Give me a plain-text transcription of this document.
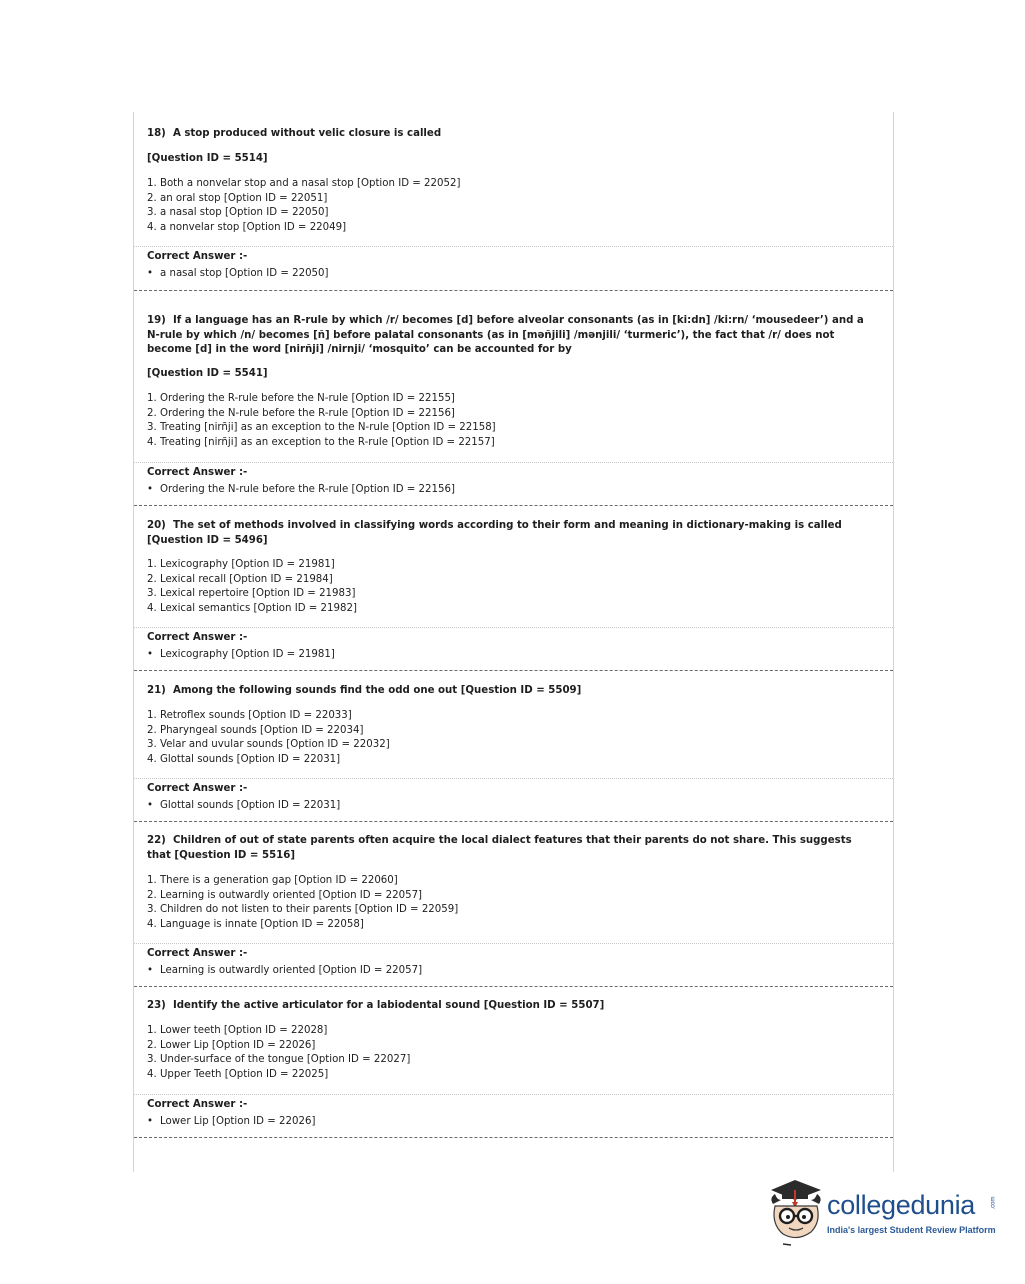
18) A stop produced without velic closure is called
[Question ID = 5514]
1. Both a nonvelar stop and a nasal stop [Option ID = 22052]
2. an oral stop [Option ID = 22051]
3. a nasal stop [Option ID = 22050]
4. a nonvelar stop [Option ID = 22049]
Correct Answer :-
• a nasal stop [Option ID = 22050]
19) If a language has an R-rule by which /r/ becomes [d] before alveolar consonants (as in [ki:dn] /ki:rn/ ‘mousedeer’) and a N-rule by which /n/ becomes [ñ] before palatal consonants (as in [məñjili] /mənjili/ ‘turmeric’), the fact that /r/ does not become [d] in the word [nirñji] /nirnji/ ‘mosquito’ can be accounted for by
[Question ID = 5541]
1. Ordering the R-rule before the N-rule [Option ID = 22155]
2. Ordering the N-rule before the R-rule [Option ID = 22156]
3. Treating [nirñji] as an exception to the N-rule [Option ID = 22158]
4. Treating [nirñji] as an exception to the R-rule [Option ID = 22157]
Correct Answer :-
• Ordering the N-rule before the R-rule [Option ID = 22156]
20) The set of methods involved in classifying words according to their form and meaning in dictionary-making is called [Question ID = 5496]
1. Lexicography [Option ID = 21981]
2. Lexical recall [Option ID = 21984]
3. Lexical repertoire [Option ID = 21983]
4. Lexical semantics [Option ID = 21982]
Correct Answer :-
• Lexicography [Option ID = 21981]
21) Among the following sounds find the odd one out [Question ID = 5509]
1. Retroflex sounds [Option ID = 22033]
2. Pharyngeal sounds [Option ID = 22034]
3. Velar and uvular sounds [Option ID = 22032]
4. Glottal sounds [Option ID = 22031]
Correct Answer :-
• Glottal sounds [Option ID = 22031]
22) Children of out of state parents often acquire the local dialect features that their parents do not share. This suggests that [Question ID = 5516]
1. There is a generation gap [Option ID = 22060]
2. Learning is outwardly oriented [Option ID = 22057]
3. Children do not listen to their parents [Option ID = 22059]
4. Language is innate [Option ID = 22058]
Correct Answer :-
• Learning is outwardly oriented [Option ID = 22057]
23) Identify the active articulator for a labiodental sound [Question ID = 5507]
1. Lower teeth [Option ID = 22028]
2. Lower Lip [Option ID = 22026]
3. Under-surface of the tongue [Option ID = 22027]
4. Upper Teeth [Option ID = 22025]
Correct Answer :-
• Lower Lip [Option ID = 22026]
collegedunia	.com
India's largest Student Review Platform
